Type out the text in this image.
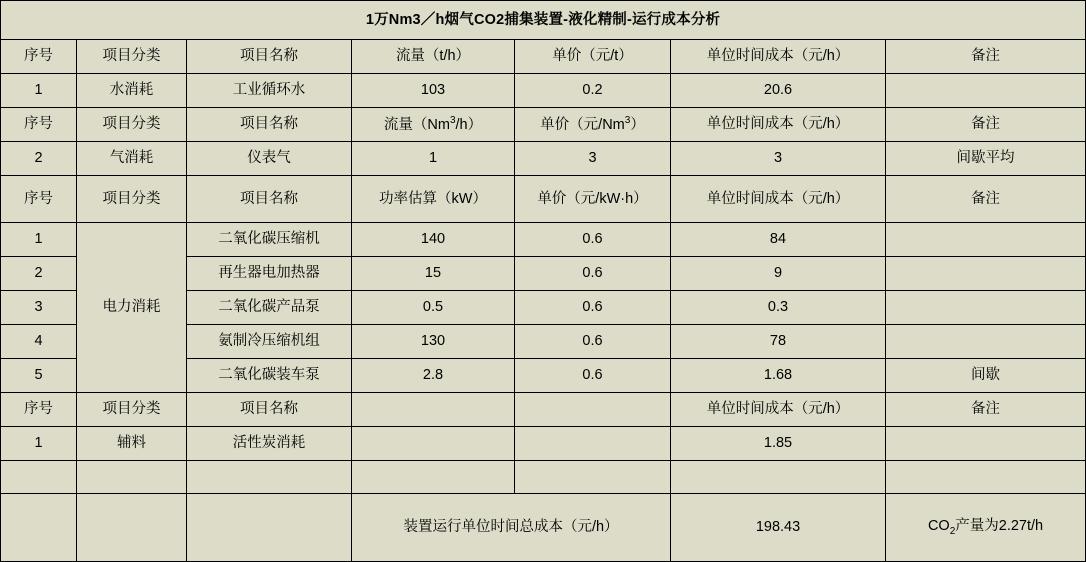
1万Nm3／h烟气CO2捕集装置-液化精制-运行成本分析						
序号	项目分类	项目名称	流量（t/h）	单价（元/t）	单位时间成本（元/h）	备注
1	水消耗	工业循环水	103	0.2	20.6	
序号	项目分类	项目名称	流量（Nm$^3$/h）	单价（元/Nm$^3$）	单位时间成本（元/h）	备注
2	气消耗	仪表气	1	3	3	间歇平均
序号	项目分类	项目名称	功率估算（kW）	单价（元/kW·h）	单位时间成本（元/h）	备注
1	电力消耗	二氧化碳压缩机	140	0.6	84	
2		再生器电加热器	15	0.6	9	
3		二氧化碳产品泵	0.5	0.6	0.3	
4		氨制冷压缩机组	130	0.6	78	
5		二氧化碳装车泵	2.8	0.6	1.68	间歇
序号	项目分类	项目名称			单位时间成本（元/h）	备注
1	辅料	活性炭消耗			1.85	

			装置运行单位时间总成本（元/h）		198.43	$CO_2$产量为2.27t/h
